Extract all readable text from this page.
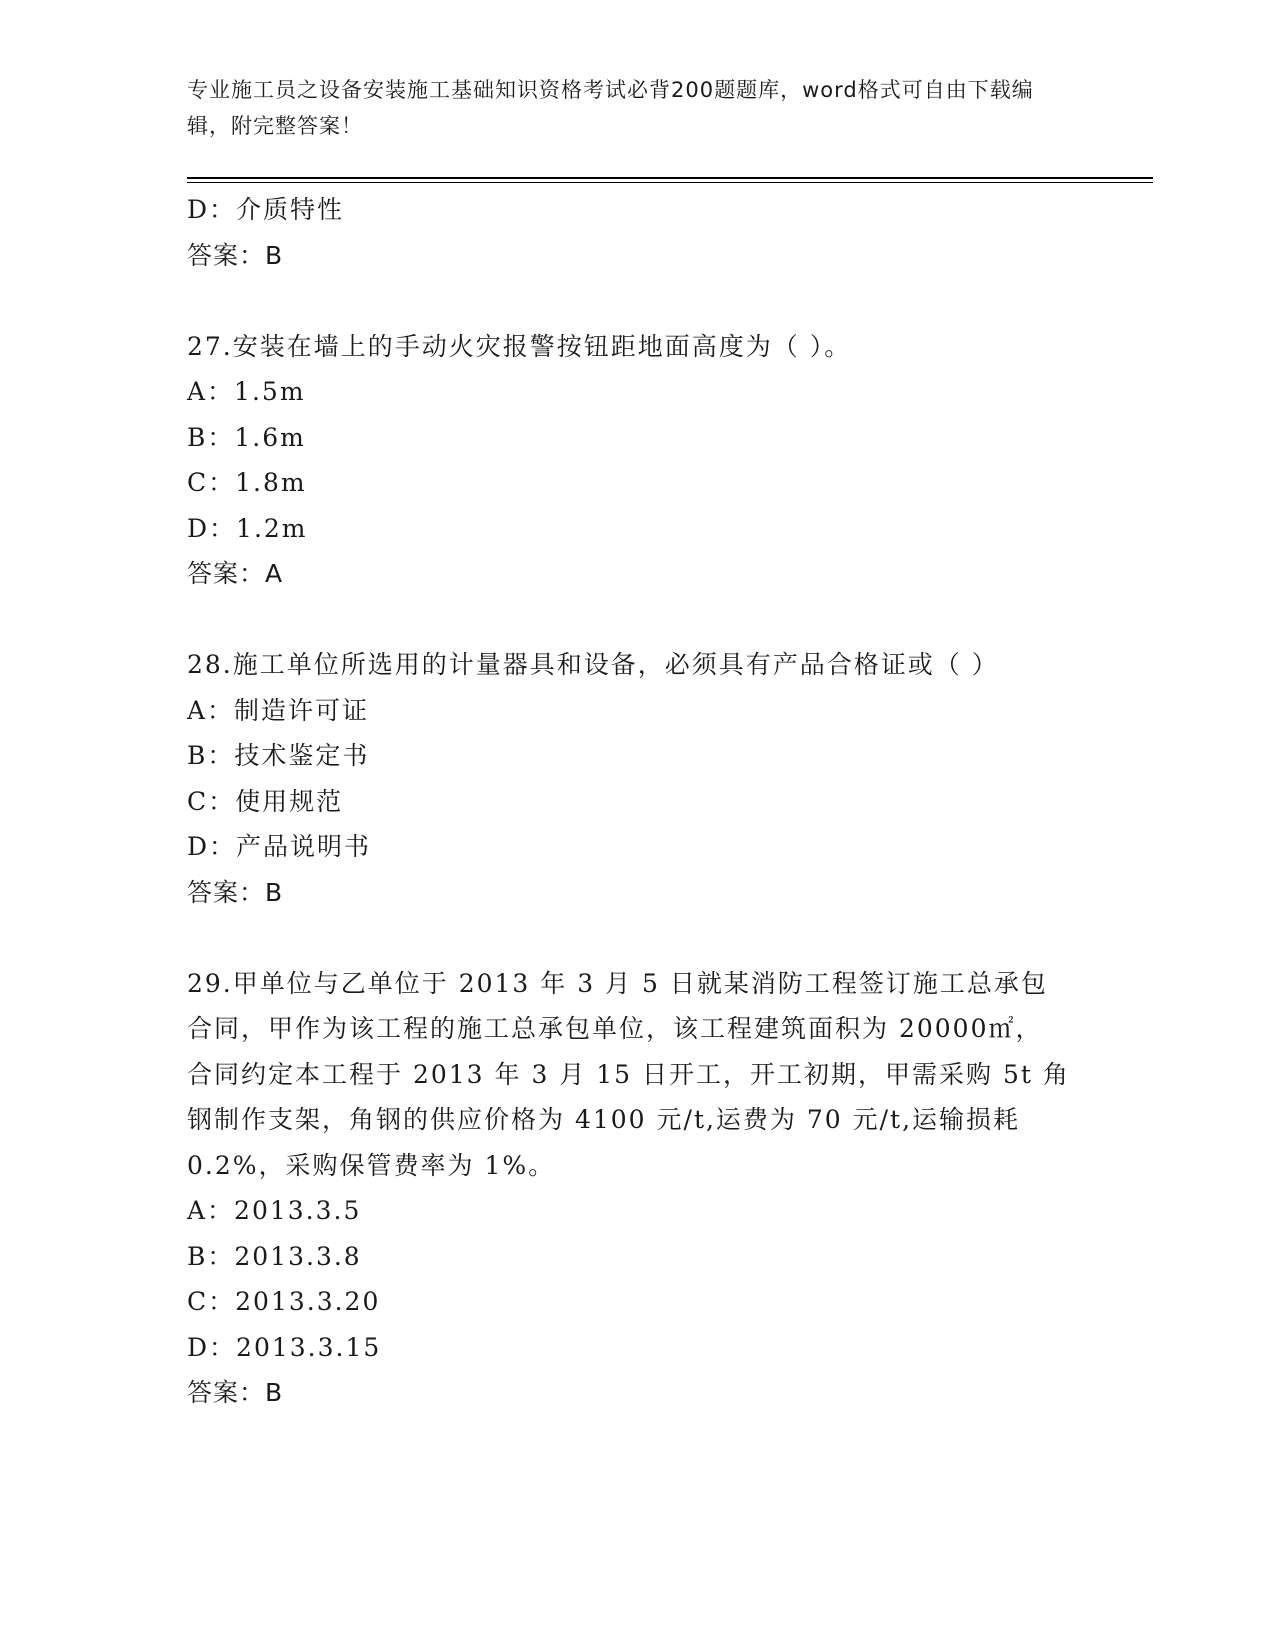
专业施工员之设备安装施工基础知识资格考试必背200题题库，word格式可自由下载编辑，附完整答案！
D：介质特性
答案：B
27.安装在墙上的手动火灾报警按钮距地面高度为（ ）。
A：1.5m
B：1.6m
C：1.8m
D：1.2m
答案：A
28.施工单位所选用的计量器具和设备，必须具有产品合格证或（ ）
A：制造许可证
B：技术鉴定书
C：使用规范
D：产品说明书
答案：B
29.甲单位与乙单位于 2013 年 3 月 5 日就某消防工程签订施工总承包
合同，甲作为该工程的施工总承包单位，该工程建筑面积为 20000㎡，
合同约定本工程于 2013 年 3 月 15 日开工，开工初期，甲需采购 5t 角
钢制作支架，角钢的供应价格为 4100 元/t,运费为 70 元/t,运输损耗
0.2%，采购保管费率为 1%。
A：2013.3.5
B：2013.3.8
C：2013.3.20
D：2013.3.15
答案：B
